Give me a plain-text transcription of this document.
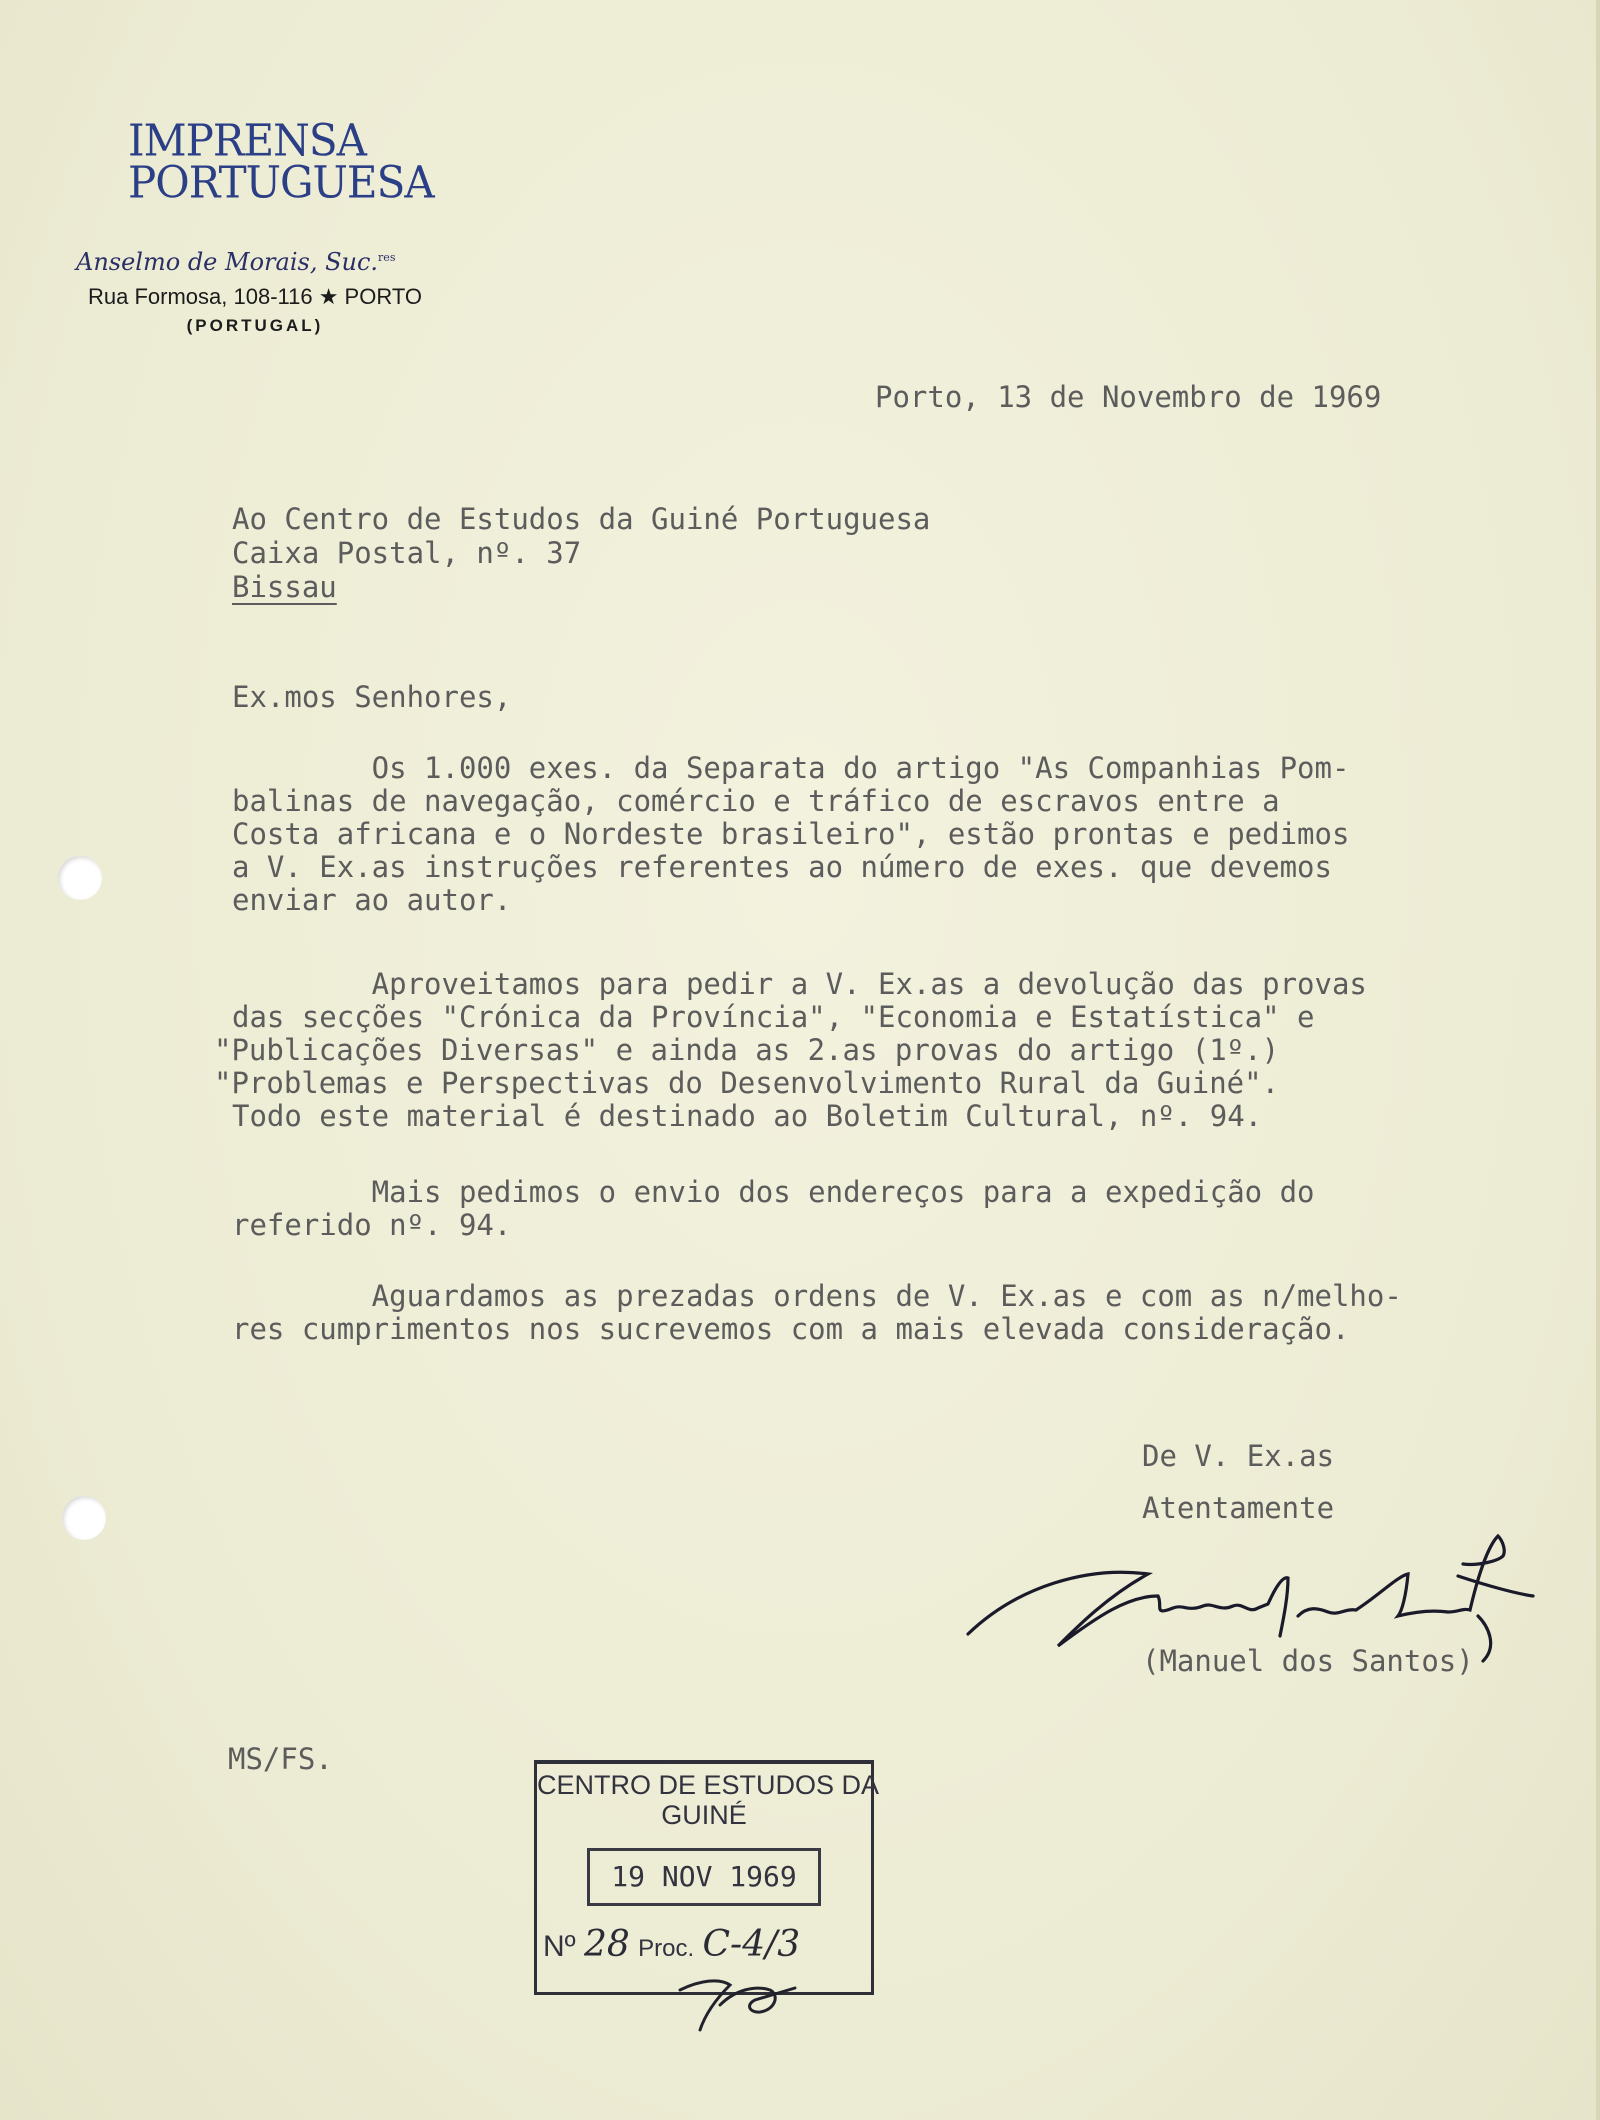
IMPRENSA
PORTUGUESA
Anselmo de Morais, Suc.$^{res}$
Rua Formosa, 108-116 ★ PORTO
(PORTUGAL)
Porto, 13 de Novembro de 1969
Ao Centro de Estudos da Guiné Portuguesa
Caixa Postal, nº. 37
Bissau
Ex.mos Senhores,
Os 1.000 exes. da Separata do artigo "As Companhias Pom-
balinas de navegação, comércio e tráfico de escravos entre a
Costa africana e o Nordeste brasileiro", estão prontas e pedimos
a V. Ex.as instruções referentes ao número de exes. que devemos
enviar ao autor.
Aproveitamos para pedir a V. Ex.as a devolução das provas
das secções "Crónica da Província", "Economia e Estatística" e
"Publicações Diversas" e ainda as 2.as provas do artigo (1º.)
"Problemas e Perspectivas do Desenvolvimento Rural da Guiné".
Todo este material é destinado ao Boletim Cultural, nº. 94.
Mais pedimos o envio dos endereços para a expedição do
referido nº. 94.
Aguardamos as prezadas ordens de V. Ex.as e com as n/melho-
res cumprimentos nos sucrevemos com a mais elevada consideração.
De V. Ex.as
Atentamente
(Manuel dos Santos)
MS/FS.
CENTRO DE ESTUDOS DA
GUINÉ
19 NOV 1969
Nº 28 Proc. C-4/3
